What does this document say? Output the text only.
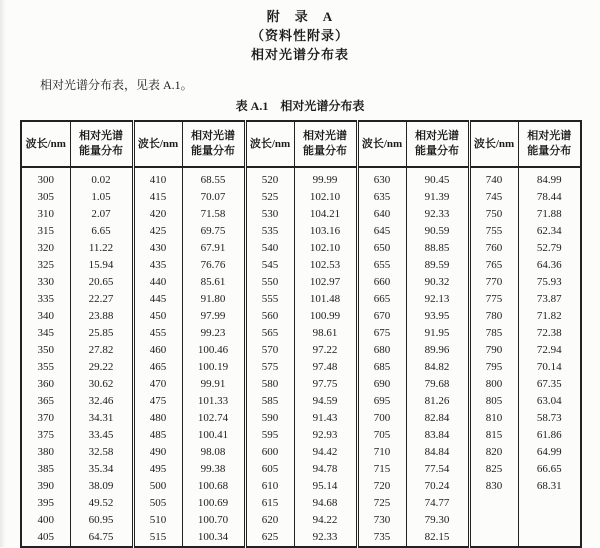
附　录　A
（资料性附录）
相对光谱分布表
相对光谱分布表，见表 A.1。
表 A.1　相对光谱分布表
波长/nm	相对光谱
能量分布	波长/nm	相对光谱
能量分布	波长/nm	相对光谱
能量分布	波长/nm	相对光谱
能量分布	波长/nm	相对光谱
能量分布

300	0.02	410	68.55	520	99.99	630	90.45	740	84.99
305	1.05	415	70.07	525	102.10	635	91.39	745	78.44
310	2.07	420	71.58	530	104.21	640	92.33	750	71.88
315	6.65	425	69.75	535	103.16	645	90.59	755	62.34
320	11.22	430	67.91	540	102.10	650	88.85	760	52.79
325	15.94	435	76.76	545	102.53	655	89.59	765	64.36
330	20.65	440	85.61	550	102.97	660	90.32	770	75.93
335	22.27	445	91.80	555	101.48	665	92.13	775	73.87
340	23.88	450	97.99	560	100.99	670	93.95	780	71.82
345	25.85	455	99.23	565	98.61	675	91.95	785	72.38
350	27.82	460	100.46	570	97.22	680	89.96	790	72.94
355	29.22	465	100.19	575	97.48	685	84.82	795	70.14
360	30.62	470	99.91	580	97.75	690	79.68	800	67.35
365	32.46	475	101.33	585	94.59	695	81.26	805	63.04
370	34.31	480	102.74	590	91.43	700	82.84	810	58.73
375	33.45	485	100.41	595	92.93	705	83.84	815	61.86
380	32.58	490	98.08	600	94.42	710	84.84	820	64.99
385	35.34	495	99.38	605	94.78	715	77.54	825	66.65
390	38.09	500	100.68	610	95.14	720	70.24	830	68.31
395	49.52	505	100.69	615	94.68	725	74.77		
400	60.95	510	100.70	620	94.22	730	79.30		
405	64.75	515	100.34	625	92.33	735	82.15		
